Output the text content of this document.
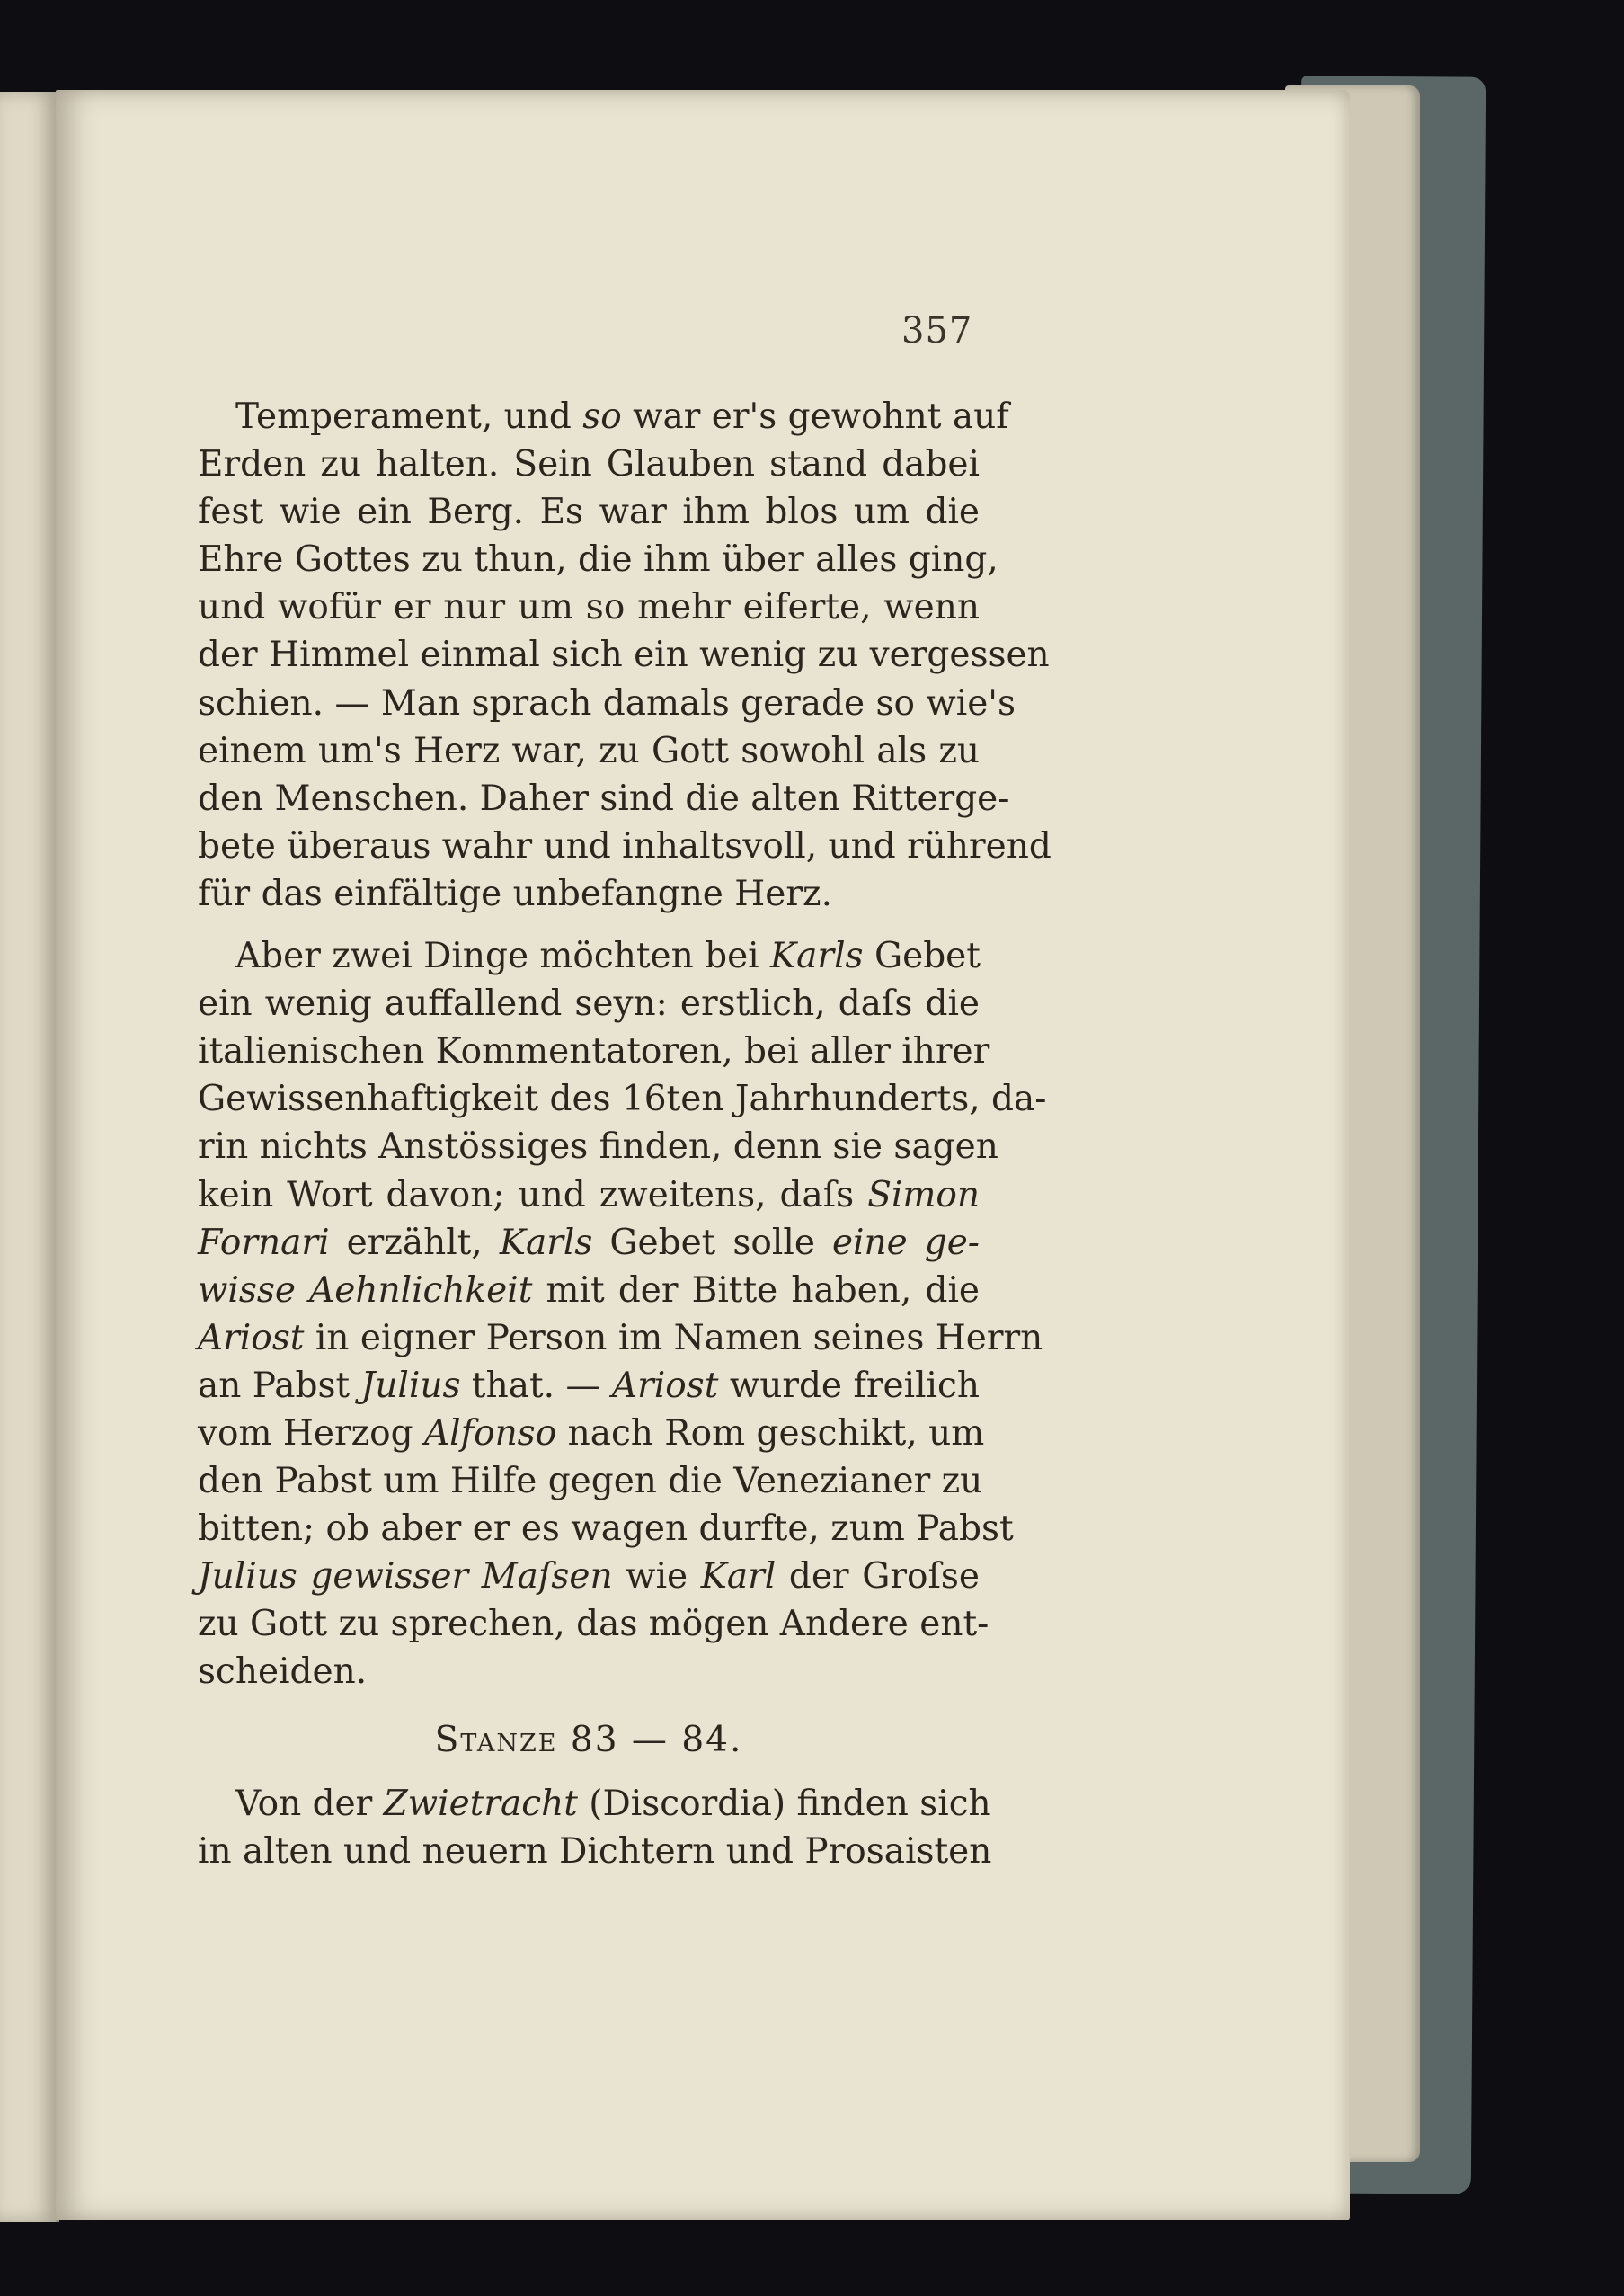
357
Temperament, und so war er's gewohnt auf
Erden zu halten. Sein Glauben stand dabei
fest wie ein Berg. Es war ihm blos um die
Ehre Gottes zu thun, die ihm über alles ging,
und wofür er nur um so mehr eiferte, wenn
der Himmel einmal sich ein wenig zu vergessen
schien. — Man sprach damals gerade so wie's
einem um's Herz war, zu Gott sowohl als zu
den Menschen. Daher sind die alten Ritterge-
bete überaus wahr und inhaltsvoll, und rührend
für das einfältige unbefangne Herz.
Aber zwei Dinge möchten bei Karls Gebet
ein wenig auffallend seyn: erstlich, daſs die
italienischen Kommentatoren, bei aller ihrer
Gewissenhaftigkeit des 16ten Jahrhunderts, da-
rin nichts Anstössiges finden, denn sie sagen
kein Wort davon; und zweitens, daſs Simon
Fornari erzählt, Karls Gebet solle eine ge-
wisse Aehnlichkeit mit der Bitte haben, die
Ariost in eigner Person im Namen seines Herrn
an Pabst Julius that. — Ariost wurde freilich
vom Herzog Alfonso nach Rom geschikt, um
den Pabst um Hilfe gegen die Venezianer zu
bitten; ob aber er es wagen durfte, zum Pabst
Julius gewisser Maſsen wie Karl der Groſse
zu Gott zu sprechen, das mögen Andere ent-
scheiden.
Stanze 83 — 84.
Von der Zwietracht (Discordia) finden sich
in alten und neuern Dichtern und Prosaisten
